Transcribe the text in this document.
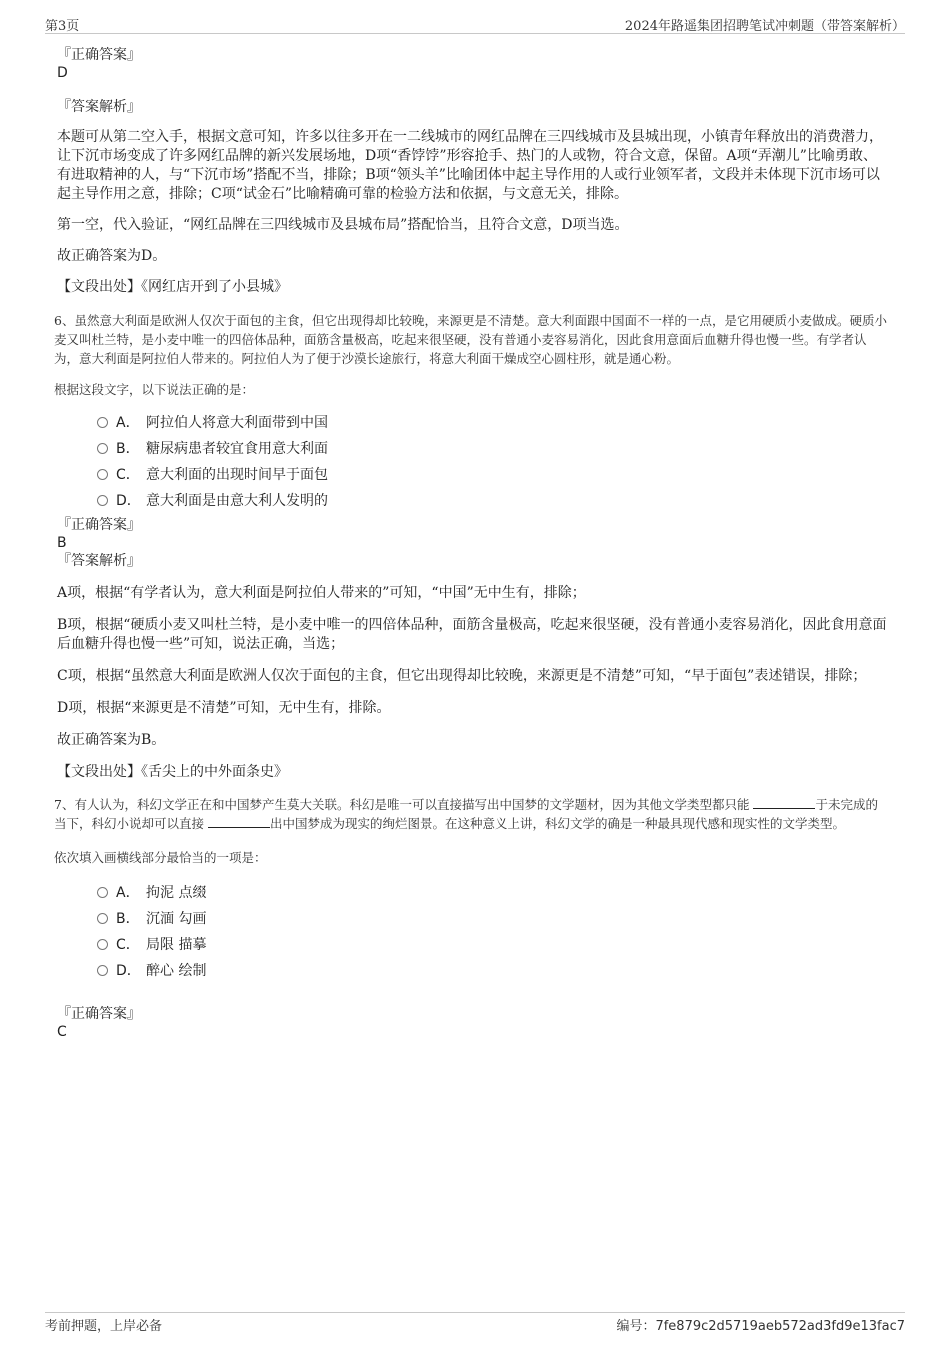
第3页	2024年路遥集团招聘笔试冲刺题（带答案解析）

『正确答案』

D

『答案解析』

本题可从第二空入手，根据文意可知，许多以往多开在一二线城市的网红品牌在三四线城市及县城出现，小镇青年释放出的消费潜力，让下沉市场变成了许多网红品牌的新兴发展场地，D项“香饽饽”形容抢手、热门的人或物，符合文意，保留。A项“弄潮儿”比喻勇敢、有进取精神的人，与“下沉市场”搭配不当，排除；B项“领头羊”比喻团体中起主导作用的人或行业领军者，文段并未体现下沉市场可以起主导作用之意，排除；C项“试金石”比喻精确可靠的检验方法和依据，与文意无关，排除。

第一空，代入验证，“网红品牌在三四线城市及县城布局”搭配恰当，且符合文意，D项当选。

故正确答案为D。

【文段出处】《网红店开到了小县城》

6、虽然意大利面是欧洲人仅次于面包的主食，但它出现得却比较晚，来源更是不清楚。意大利面跟中国面不一样的一点，是它用硬质小麦做成。硬质小麦又叫杜兰特，是小麦中唯一的四倍体品种，面筋含量极高，吃起来很坚硬，没有普通小麦容易消化，因此食用意面后血糖升得也慢一些。有学者认为，意大利面是阿拉伯人带来的。阿拉伯人为了便于沙漠长途旅行，将意大利面干燥成空心圆柱形，就是通心粉。

根据这段文字，以下说法正确的是：

A． 阿拉伯人将意大利面带到中国
B． 糖尿病患者较宜食用意大利面
C． 意大利面的出现时间早于面包
D． 意大利面是由意大利人发明的

『正确答案』

B

『答案解析』

A项，根据“有学者认为，意大利面是阿拉伯人带来的”可知，“中国”无中生有，排除；

B项，根据“硬质小麦又叫杜兰特，是小麦中唯一的四倍体品种，面筋含量极高，吃起来很坚硬，没有普通小麦容易消化，因此食用意面后血糖升得也慢一些”可知，说法正确，当选；

C项，根据“虽然意大利面是欧洲人仅次于面包的主食，但它出现得却比较晚，来源更是不清楚”可知，“早于面包”表述错误，排除；

D项，根据“来源更是不清楚”可知，无中生有，排除。

故正确答案为B。

【文段出处】《舌尖上的中外面条史》

7、有人认为，科幻文学正在和中国梦产生莫大关联。科幻是唯一可以直接描写出中国梦的文学题材，因为其他文学类型都只能	于未完成的当下，科幻小说却可以直接	出中国梦成为现实的绚烂图景。在这种意义上讲，科幻文学的确是一种最具现代感和现实性的文学类型。

依次填入画横线部分最恰当的一项是：

A． 拘泥 点缀
B． 沉湎 勾画
C． 局限 描摹
D． 醉心 绘制

『正确答案』

C

考前押题，上岸必备	编号：7fe879c2d5719aeb572ad3fd9e13fac7
